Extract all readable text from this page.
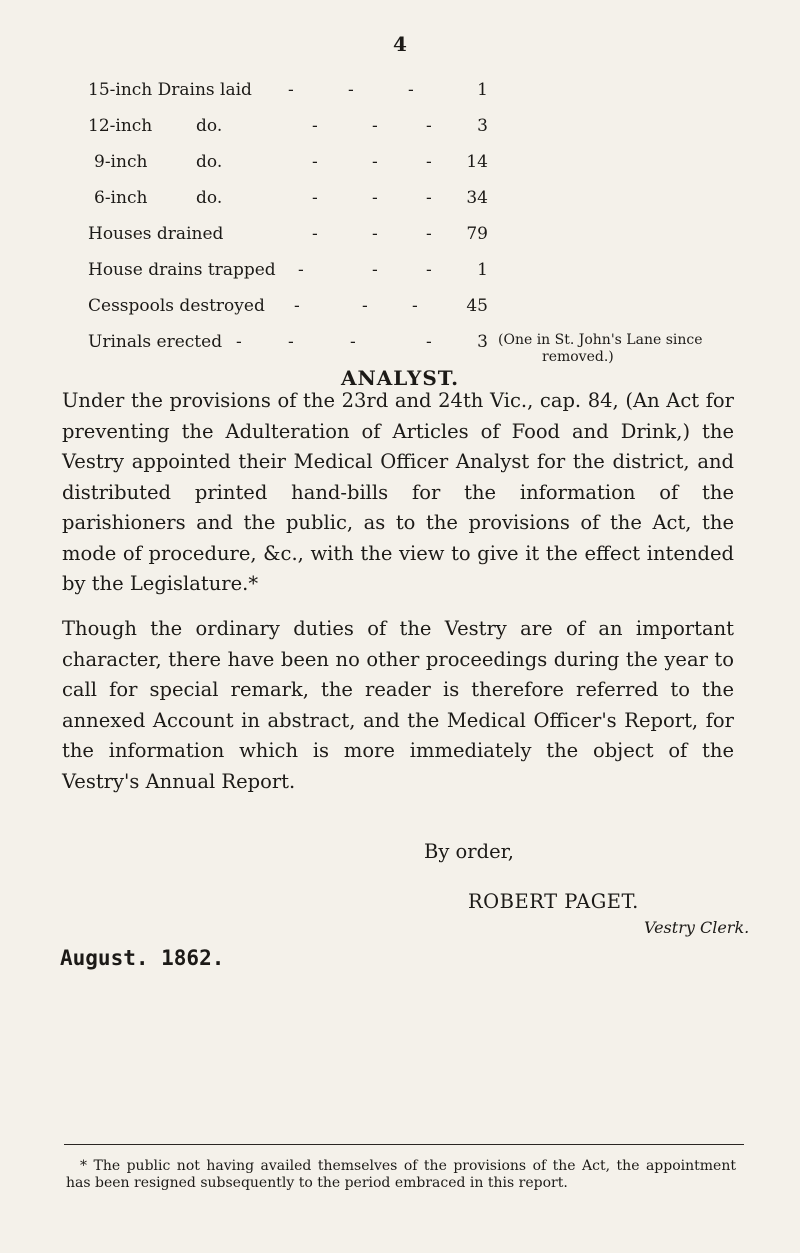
4
15-inch Drains laid -	-	-	1
12-inch	do.	-	-	-	3
9-inch	do.	-	-	-	14
6-inch	do.	-	-	-	34
Houses drained	-	-	-	79
House drains trapped -	-	-	1
Cesspools destroyed -	-	-	45
Urinals erected -	-	-	-	3 (One in St. John's Lane since
removed.)
ANALYST.

Under the provisions of the 23rd and 24th Vic., cap. 84, (An Act for preventing the Adulteration of Articles of Food and Drink,) the Vestry appointed their Medical Officer Analyst for the district, and distributed printed hand-bills for the information of the parishioners and the public, as to the provisions of the Act, the mode of procedure, &c., with the view to give it the effect intended by the Legislature.*

Though the ordinary duties of the Vestry are of an important character, there have been no other proceedings during the year to call for special remark, the reader is therefore referred to the annexed Account in abstract, and the Medical Officer's Report, for the information which is more immediately the object of the Vestry's Annual Report.

By order,
ROBERT PAGET.
Vestry Clerk.
August. 1862.
* The public not having availed themselves of the provisions of the Act, the appointment has been resigned subsequently to the period embraced in this report.
